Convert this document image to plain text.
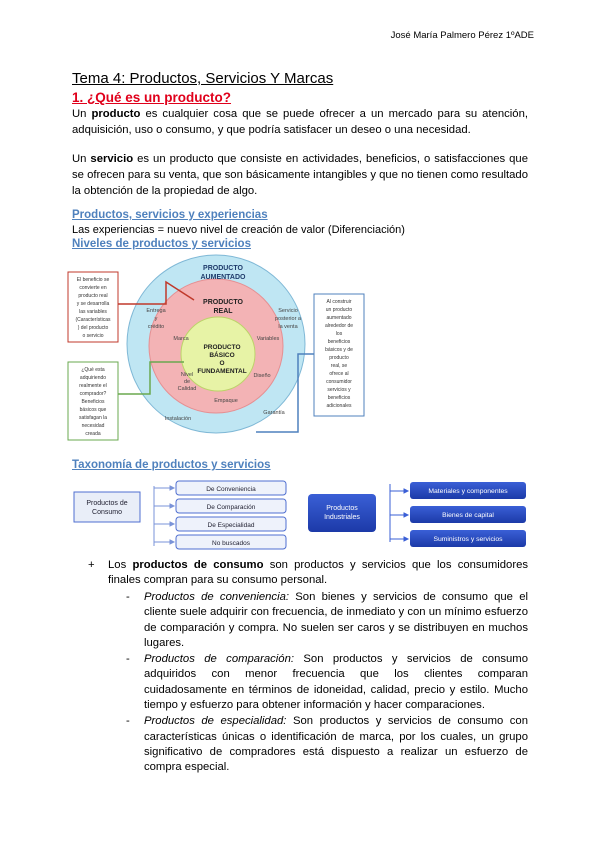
José María Palmero Pérez 1ºADE
Tema 4: Productos, Servicios Y Marcas
1. ¿Qué es un producto?
Un producto es cualquier cosa que se puede ofrecer a un mercado para su atención, adquisición, uso o consumo, y que podría satisfacer un deseo o una necesidad.
Un servicio es un producto que consiste en actividades, beneficios, o satisfacciones que se ofrecen para su venta, que son básicamente intangibles y que no tienen como resultado la obtención de la propiedad de algo.
Productos, servicios y experiencias
Las experiencias = nuevo nivel de creación de valor (Diferenciación)
Niveles de productos y servicios
PRODUCTO
AUMENTADO
PRODUCTO
REAL
PRODUCTO
BÁSICO
O
FUNDAMENTAL
Entrega
y
crédito
Servicio
posterior a
la venta
Instalación
Garantía
Marca	Variables
Nivel
de
Calidad
Diseño
Empaque
El beneficio se
convierte en
producto real
y se desarrolla
las variables
(Características
) del producto
o servicio
¿Qué esta
adquiriendo
realmente el
comprador?
Beneficios
básicos que
satisfagan la
necesidad
creada
Al construir
un producto
aumentado
alrededor de
los
beneficios
básicos y de
producto
real, se
ofrece al
consumidor
servicios y
beneficios
adicionales
Taxonomía de productos y servicios
Productos de
Consumo
De Conveniencia
De Comparación
De Especialidad
No buscados
Productos
Industriales
Materiales y componentes
Bienes de capital
Suministros y servicios
+ Los productos de consumo son productos y servicios que los consumidores finales compran para su consumo personal.
- Productos de conveniencia: Son bienes y servicios de consumo que el cliente suele adquirir con frecuencia, de inmediato y con un mínimo esfuerzo de comparación y compra. No suelen ser caros y se distribuyen en muchos lugares.
- Productos de comparación: Son productos y servicios de consumo adquiridos con menor frecuencia que los clientes comparan cuidadosamente en términos de idoneidad, calidad, precio y estilo. Mucho tiempo y esfuerzo para obtener información y hacer comparaciones.
- Productos de especialidad: Son productos y servicios de consumo con características únicas o identificación de marca, por los cuales, un grupo significativo de compradores está dispuesto a realizar un esfuerzo de compra especial.
